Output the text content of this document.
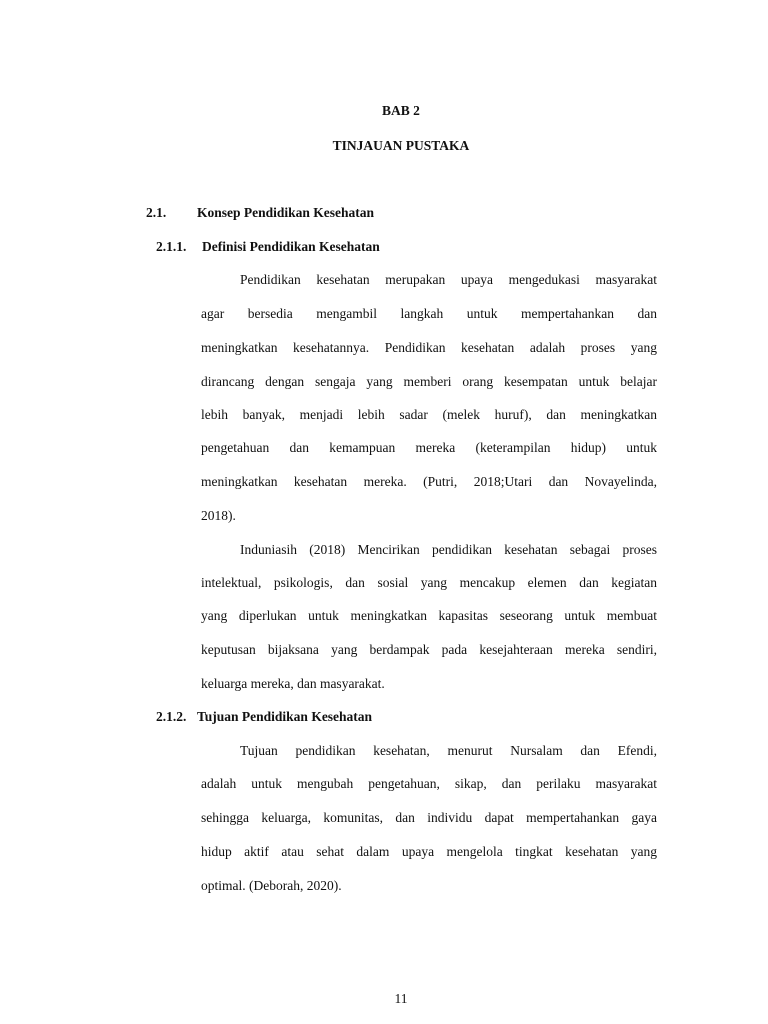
BAB 2
TINJAUAN PUSTAKA
2.1. Konsep Pendidikan Kesehatan
2.1.1. Definisi Pendidikan Kesehatan
Pendidikan kesehatan merupakan upaya mengedukasi masyarakat
agar bersedia mengambil langkah untuk mempertahankan dan
meningkatkan kesehatannya. Pendidikan kesehatan adalah proses yang
dirancang dengan sengaja yang memberi orang kesempatan untuk belajar
lebih banyak, menjadi lebih sadar (melek huruf), dan meningkatkan
pengetahuan dan kemampuan mereka (keterampilan hidup) untuk
meningkatkan kesehatan mereka. (Putri, 2018;Utari dan Novayelinda,
2018).
Induniasih (2018) Mencirikan pendidikan kesehatan sebagai proses
intelektual, psikologis, dan sosial yang mencakup elemen dan kegiatan
yang diperlukan untuk meningkatkan kapasitas seseorang untuk membuat
keputusan bijaksana yang berdampak pada kesejahteraan mereka sendiri,
keluarga mereka, dan masyarakat.
2.1.2. Tujuan Pendidikan Kesehatan
Tujuan pendidikan kesehatan, menurut Nursalam dan Efendi,
adalah untuk mengubah pengetahuan, sikap, dan perilaku masyarakat
sehingga keluarga, komunitas, dan individu dapat mempertahankan gaya
hidup aktif atau sehat dalam upaya mengelola tingkat kesehatan yang
optimal. (Deborah, 2020).
11
